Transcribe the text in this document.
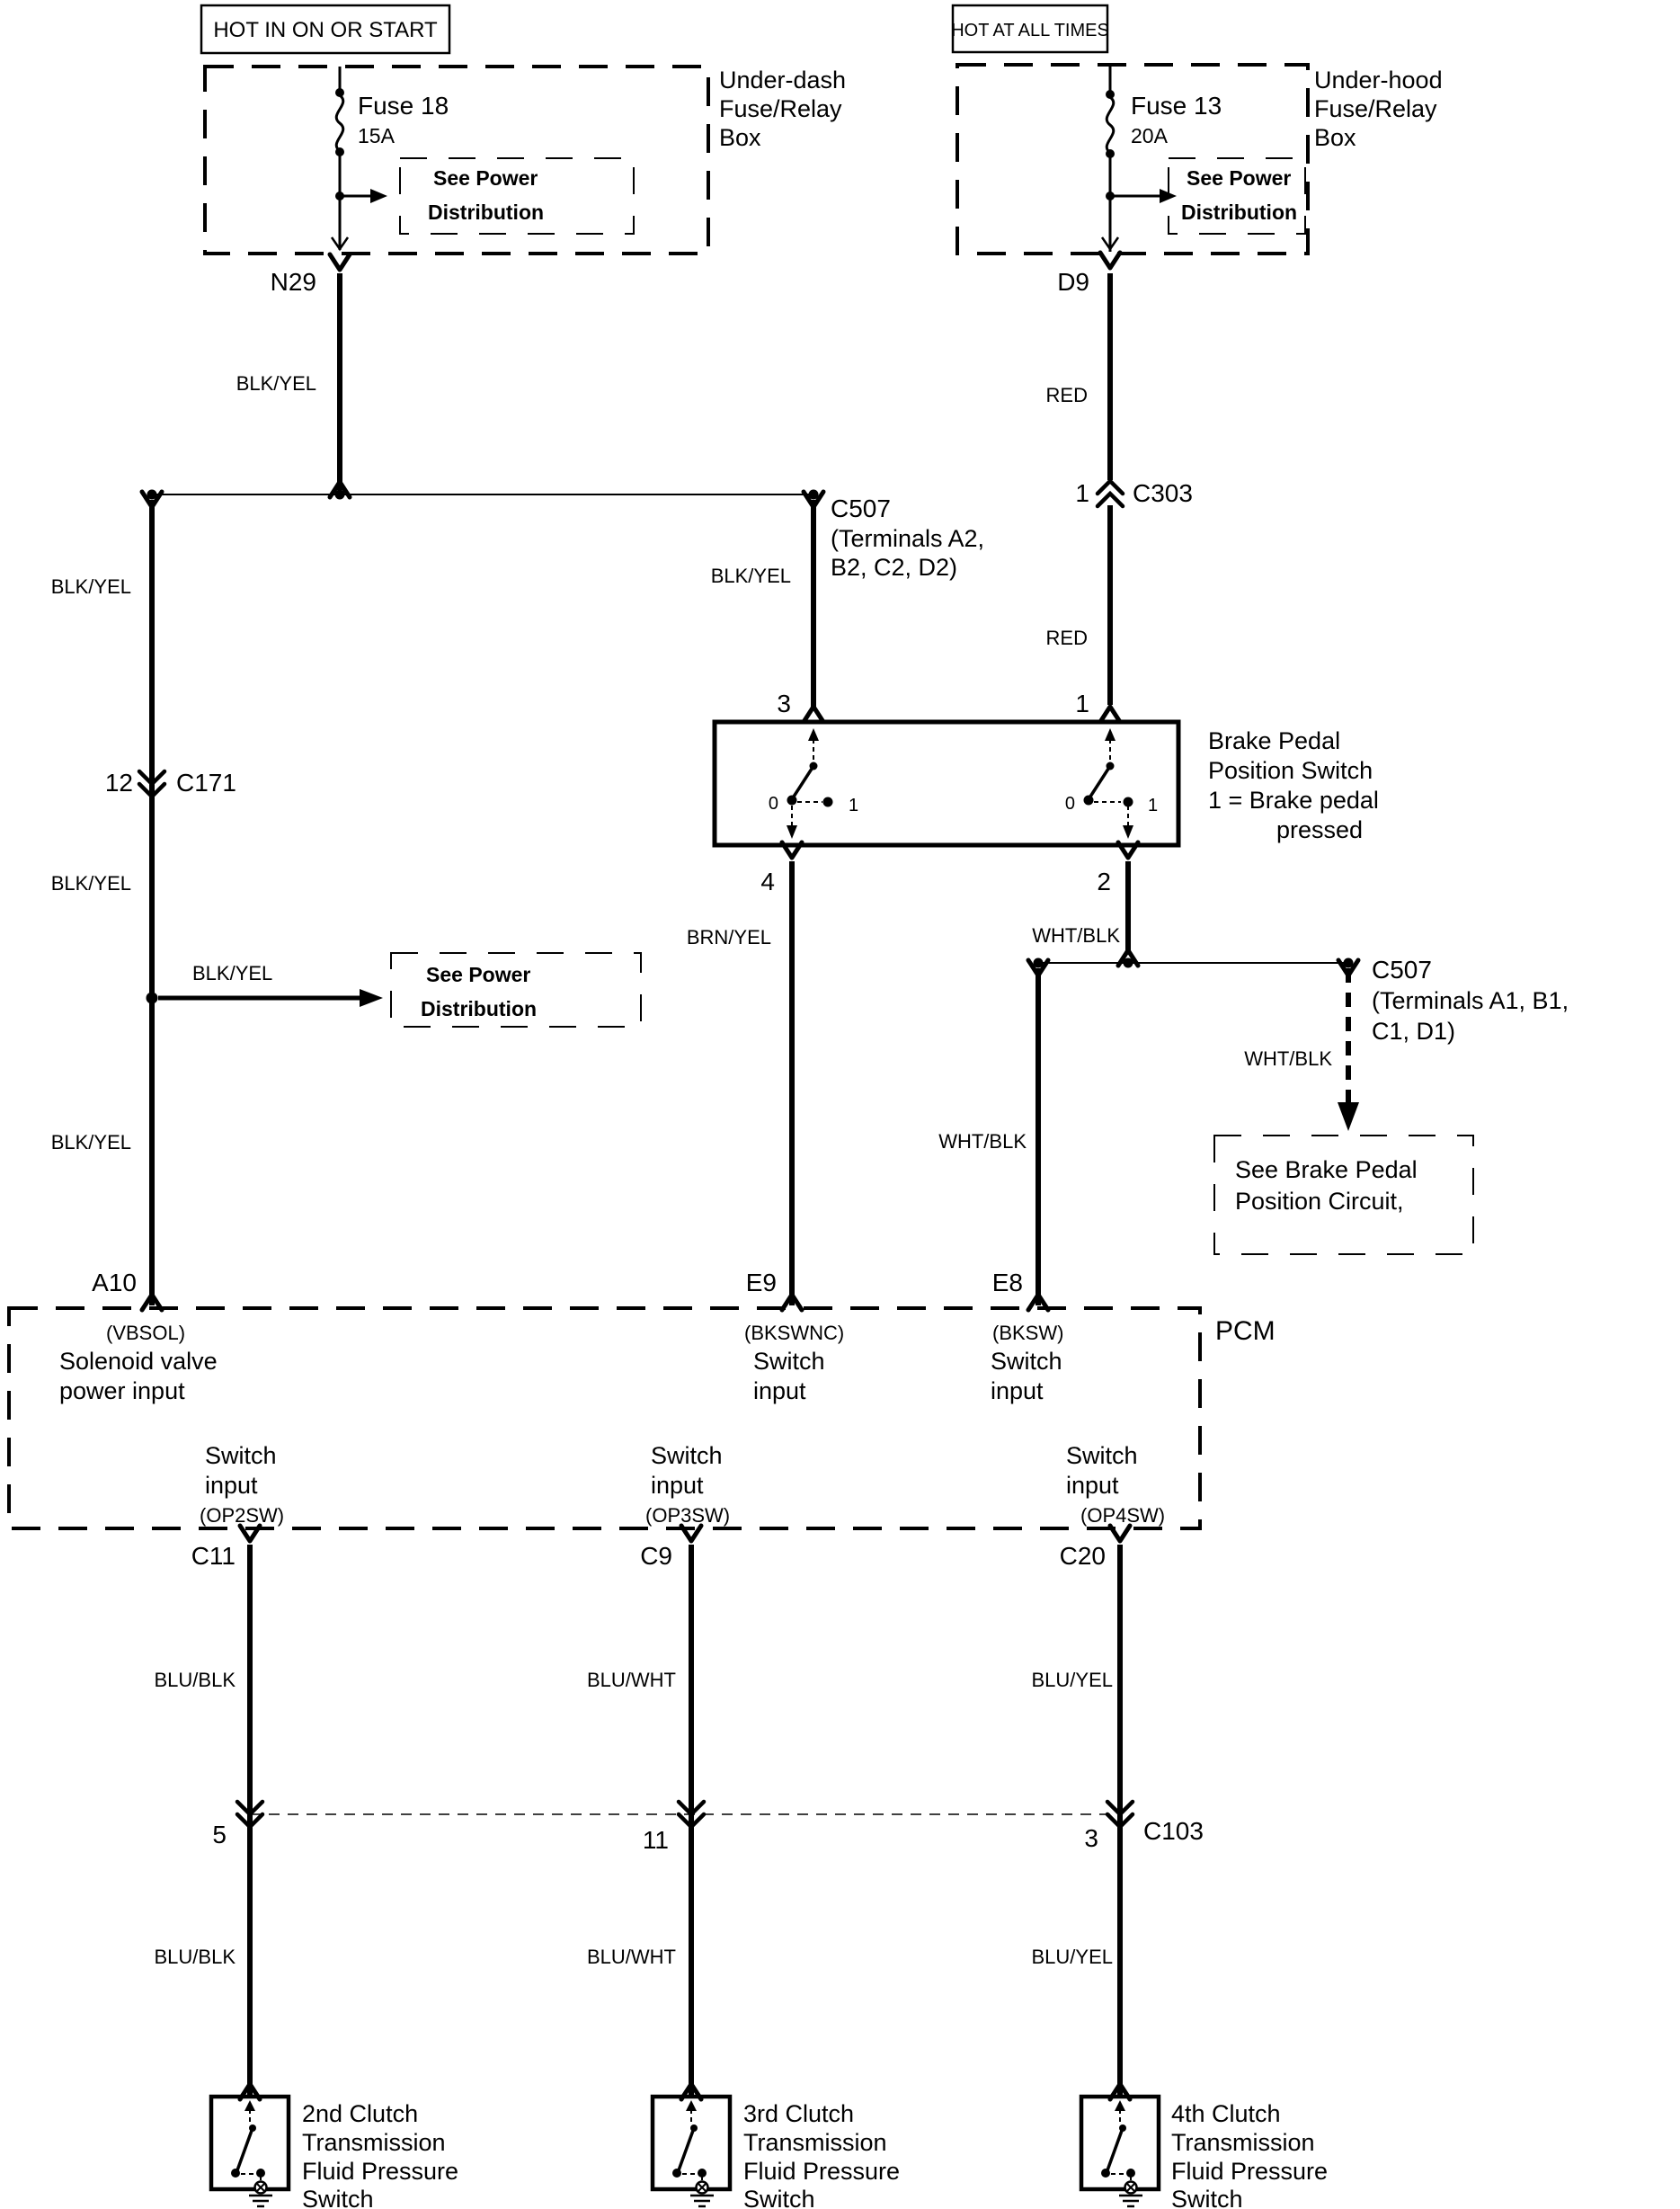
HOT IN ON OR START
Under-dash
Fuse/Relay
Box
Fuse 18
15A
See Power
Distribution
HOT AT ALL TIMES
Under-hood
Fuse/Relay
Box
Fuse 13
20A
See Power
Distribution
N29
BLK/YEL
BLK/YEL
12 C171
BLK/YEL
BLK/YEL	See Power
Distribution
BLK/YEL
C507
(Terminals A2,
B2, C2, D2)
BLK/YEL
3
D9
RED
1 C303
RED
1
Brake Pedal
Position Switch
1 = Brake pedal
pressed
0	1	0	1
4
BRN/YEL
2
WHT/BLK
WHT/BLK
WHT/BLK
C507
(Terminals A1, B1,
C1, D1)
See Brake Pedal
Position Circuit,
A10	E9	E8
PCM
(VBSOL)
Solenoid valve
power input
(BKSWNC)
Switch
input
(BKSW)
Switch
input
Switch
input
(OP2SW)
Switch
input
(OP3SW)
Switch
input
(OP4SW)
C11	C9	C20
BLU/BLK	BLU/WHT	BLU/YEL
5	11	3 C103
BLU/BLK	BLU/WHT	BLU/YEL
2nd Clutch
Transmission
Fluid Pressure
Switch
3rd Clutch
Transmission
Fluid Pressure
Switch
4th Clutch
Transmission
Fluid Pressure
Switch
